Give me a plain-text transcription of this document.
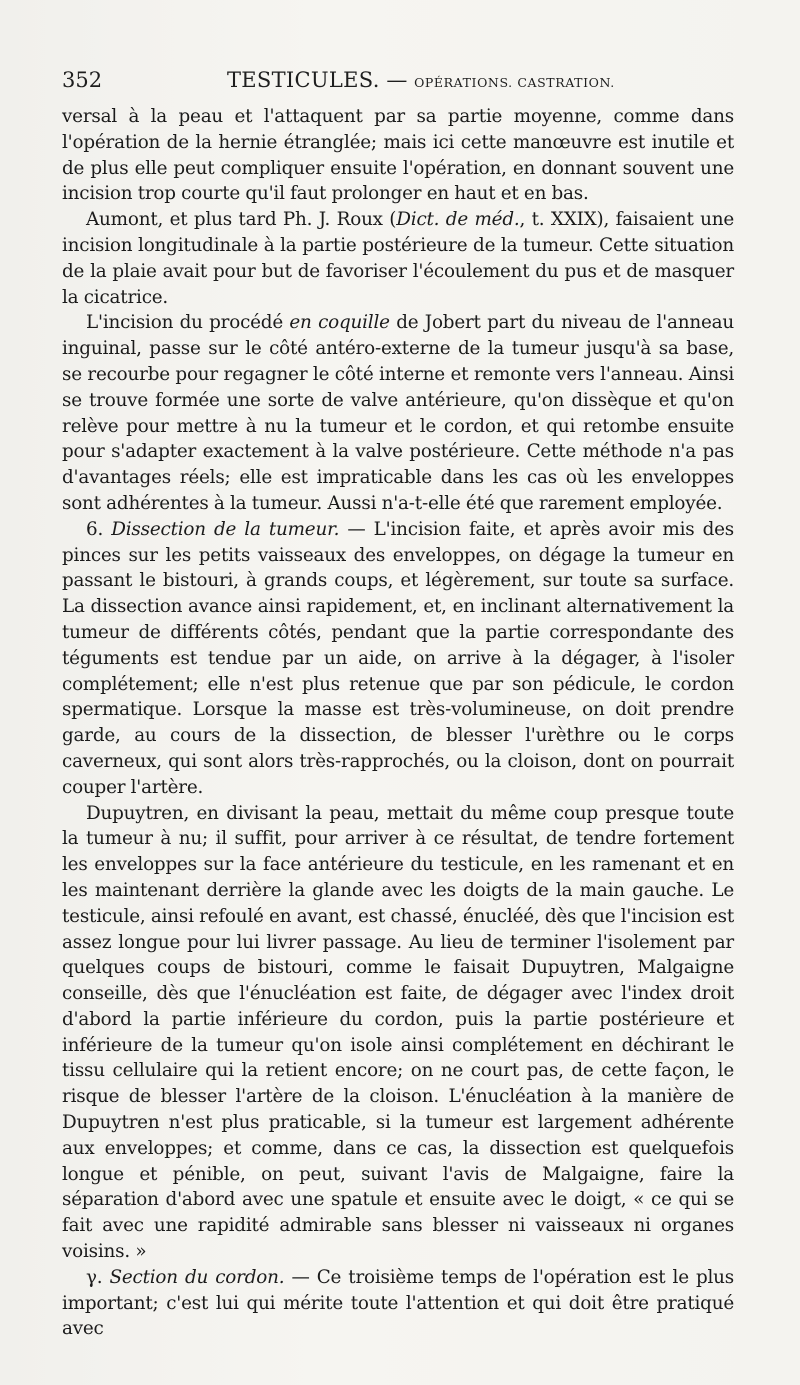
352	TESTICULES. — OPÉRATIONS. CASTRATION.

versal à la peau et l'attaquent par sa partie moyenne, comme dans l'opération de la hernie étranglée; mais ici cette manœuvre est inutile et de plus elle peut compliquer ensuite l'opération, en donnant souvent une incision trop courte qu'il faut prolonger en haut et en bas.

Aumont, et plus tard Ph. J. Roux (Dict. de méd., t. XXIX), faisaient une incision longitudinale à la partie postérieure de la tumeur. Cette situation de la plaie avait pour but de favoriser l'écoulement du pus et de masquer la cicatrice.

L'incision du procédé en coquille de Jobert part du niveau de l'anneau inguinal, passe sur le côté antéro-externe de la tumeur jusqu'à sa base, se recourbe pour regagner le côté interne et remonte vers l'anneau. Ainsi se trouve formée une sorte de valve antérieure, qu'on dissèque et qu'on relève pour mettre à nu la tumeur et le cordon, et qui retombe ensuite pour s'adapter exactement à la valve postérieure. Cette méthode n'a pas d'avantages réels; elle est impraticable dans les cas où les enveloppes sont adhérentes à la tumeur. Aussi n'a-t-elle été que rarement employée.

6. Dissection de la tumeur. — L'incision faite, et après avoir mis des pinces sur les petits vaisseaux des enveloppes, on dégage la tumeur en passant le bistouri, à grands coups, et légèrement, sur toute sa surface. La dissection avance ainsi rapidement, et, en inclinant alternativement la tumeur de différents côtés, pendant que la partie correspondante des téguments est tendue par un aide, on arrive à la dégager, à l'isoler complétement; elle n'est plus retenue que par son pédicule, le cordon spermatique. Lorsque la masse est très-volumineuse, on doit prendre garde, au cours de la dissection, de blesser l'urèthre ou le corps caverneux, qui sont alors très-rapprochés, ou la cloison, dont on pourrait couper l'artère.

Dupuytren, en divisant la peau, mettait du même coup presque toute la tumeur à nu; il suffit, pour arriver à ce résultat, de tendre fortement les enveloppes sur la face antérieure du testicule, en les ramenant et en les maintenant derrière la glande avec les doigts de la main gauche. Le testicule, ainsi refoulé en avant, est chassé, énucléé, dès que l'incision est assez longue pour lui livrer passage. Au lieu de terminer l'isolement par quelques coups de bistouri, comme le faisait Dupuytren, Malgaigne conseille, dès que l'énucléation est faite, de dégager avec l'index droit d'abord la partie inférieure du cordon, puis la partie postérieure et inférieure de la tumeur qu'on isole ainsi complétement en déchirant le tissu cellulaire qui la retient encore; on ne court pas, de cette façon, le risque de blesser l'artère de la cloison. L'énucléation à la manière de Dupuytren n'est plus praticable, si la tumeur est largement adhérente aux enveloppes; et comme, dans ce cas, la dissection est quelquefois longue et pénible, on peut, suivant l'avis de Malgaigne, faire la séparation d'abord avec une spatule et ensuite avec le doigt, « ce qui se fait avec une rapidité admirable sans blesser ni vaisseaux ni organes voisins. »

γ. Section du cordon. — Ce troisième temps de l'opération est le plus important; c'est lui qui mérite toute l'attention et qui doit être pratiqué avec
